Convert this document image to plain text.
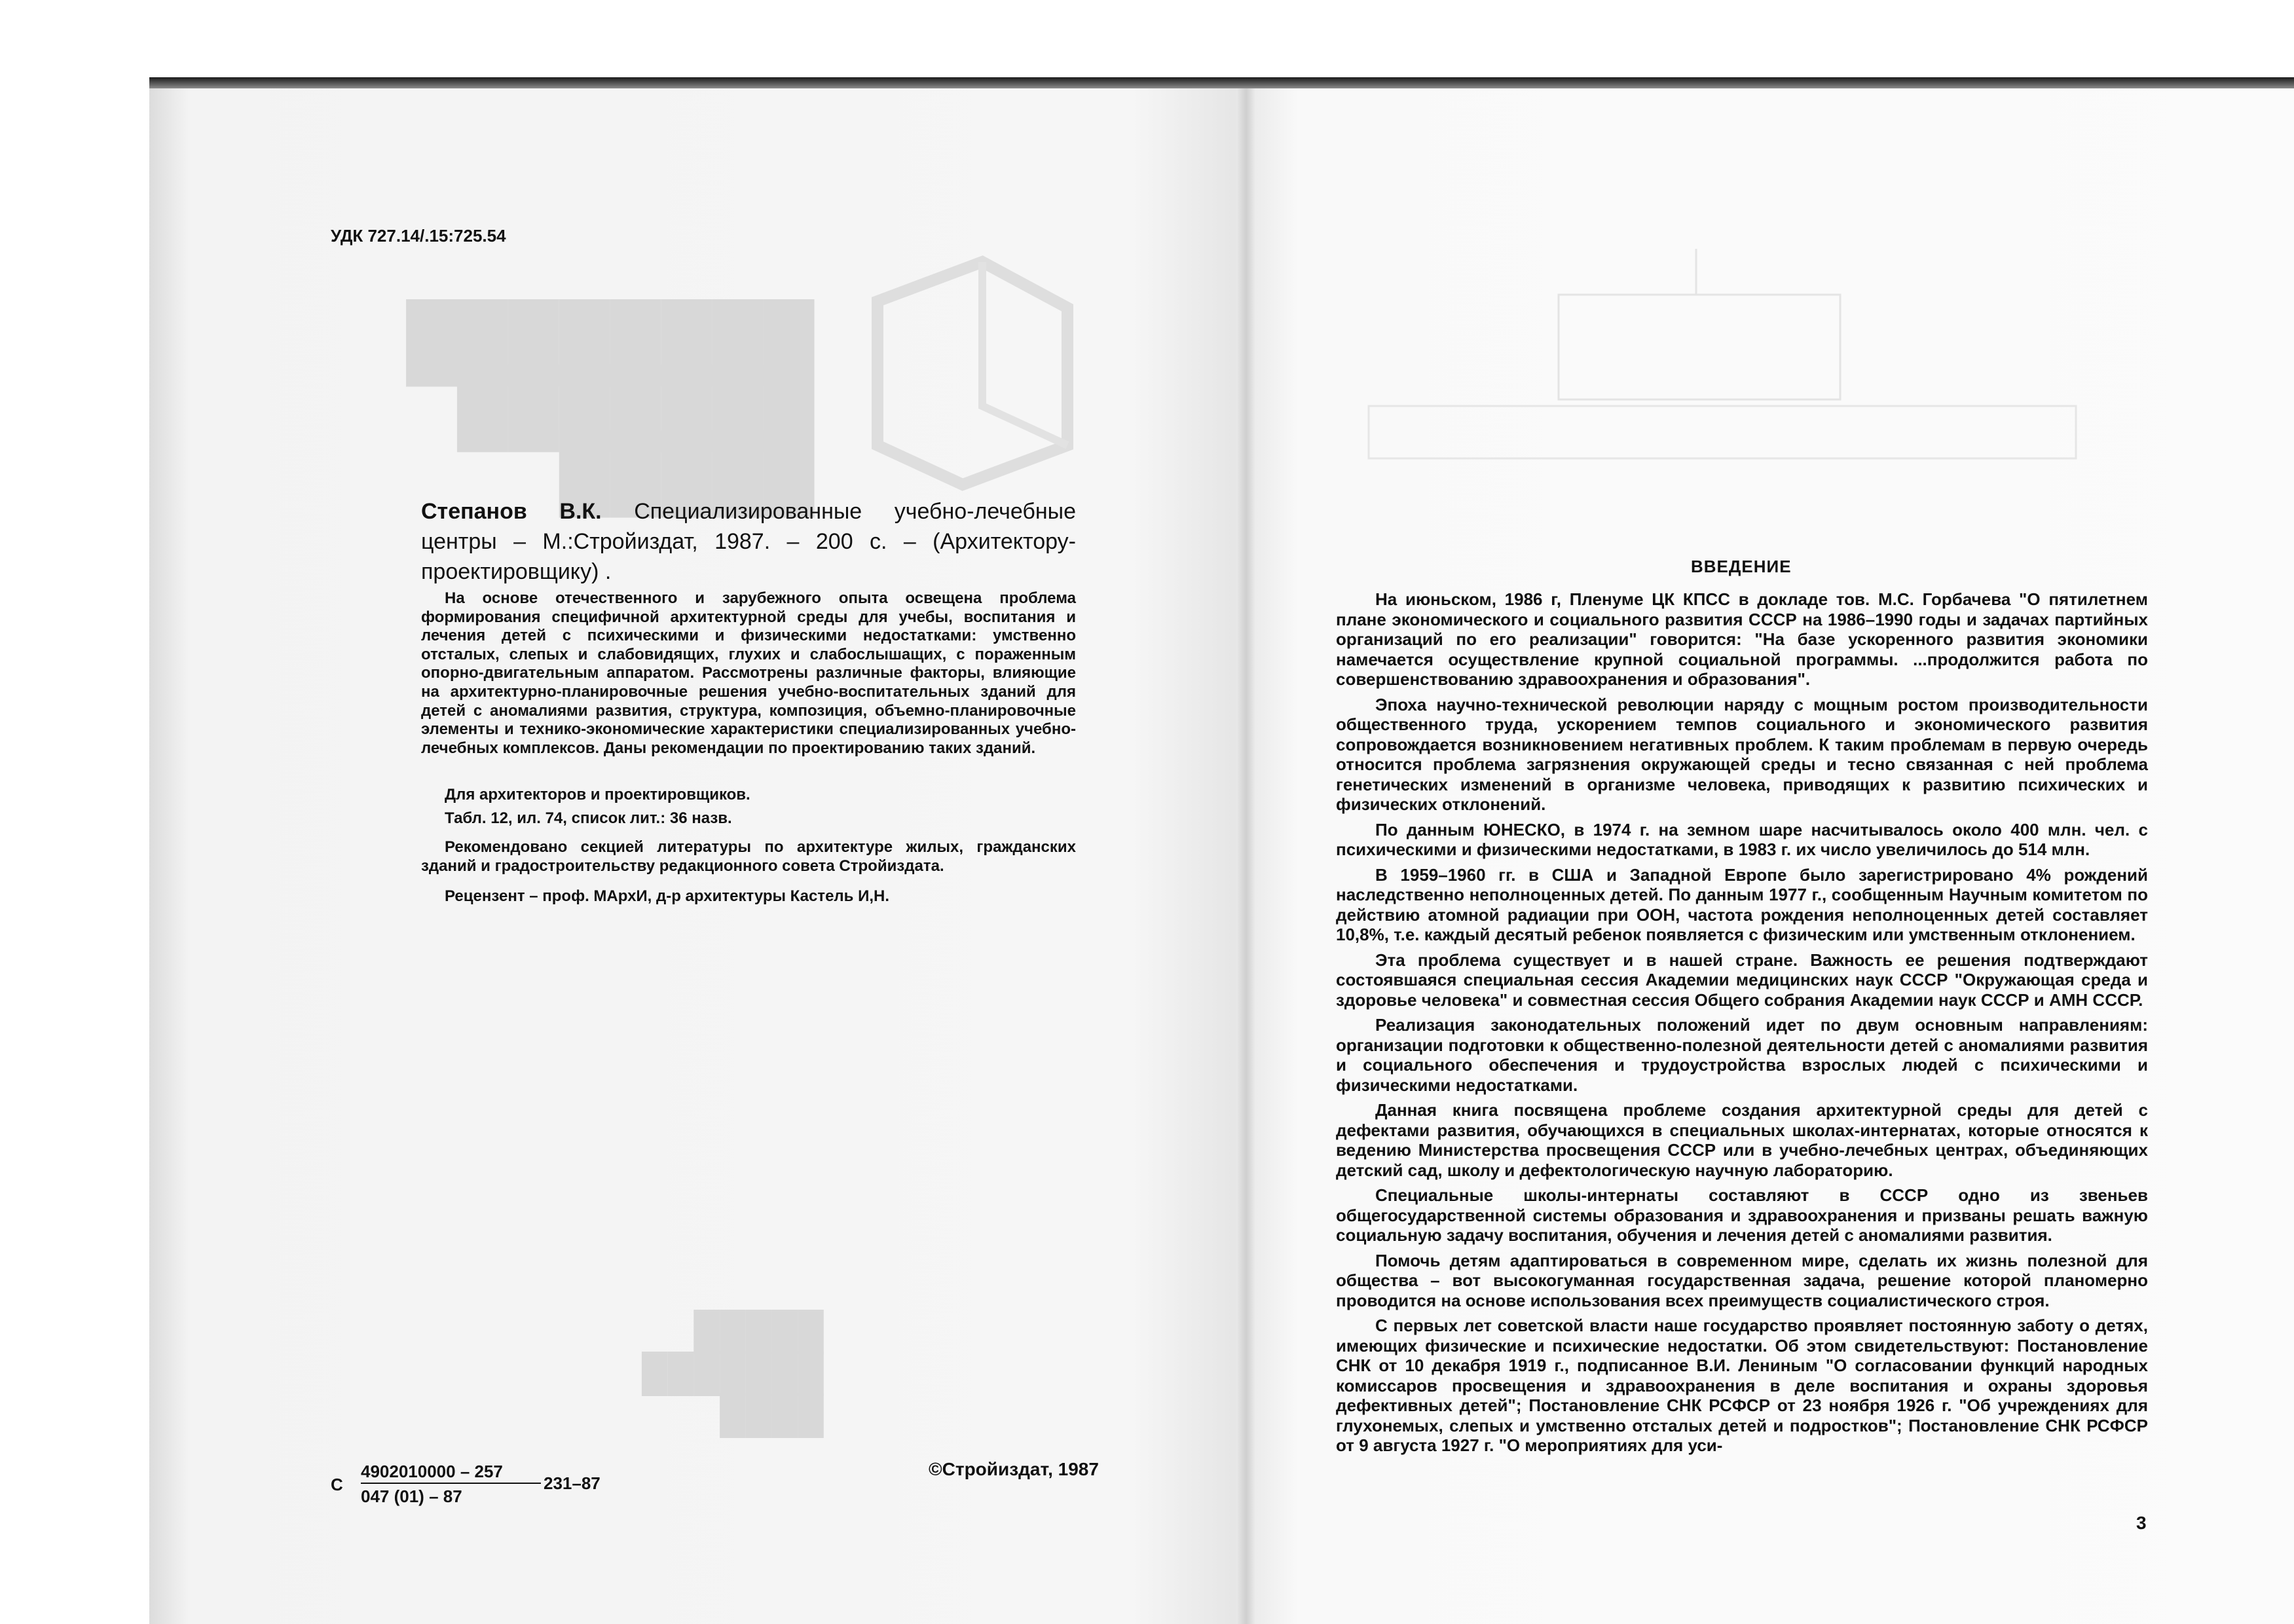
████████
███████
█████
█████
███████
████
УДК 727.14/.15:725.54
Степанов В.К. Специализированные учебно-лечебные центры – М.:Стройиздат, 1987. – 200 с. – (Архитектору-проектировщику) .

На основе отечественного и зарубежного опыта освещена проблема формирования специфичной архитектурной среды для учебы, воспитания и лечения детей с психическими и физическими недостатками: умственно отсталых, слепых и слабовидящих, глухих и слабослышащих, с пораженным опорно-двигательным аппаратом. Рассмотрены различные факторы, влияющие на архитектурно-планировочные решения учебно-воспитательных зданий для детей с аномалиями развития, структура, композиция, объемно-планировочные элементы и технико-экономические характеристики специализированных учебно-лечебных комплексов. Даны рекомендации по проектированию таких зданий.

Для архитекторов и проектировщиков.

Табл. 12, ил. 74, список лит.: 36 назв.

Рекомендовано секцией литературы по архитектуре жилых, гражданских зданий и градостроительству редакционного совета Стройиздата.

Рецензент – проф. МАрхИ, д-р архитектуры Кастель И,Н.

С
4902010000 – 257
047 (01) – 87
231–87
©Стройиздат, 1987
ВВЕДЕНИЕ

На июньском, 1986 г, Пленуме ЦК КПСС в докладе тов. М.С. Горбачева "О пятилетнем плане экономического и социального развития СССР на 1986–1990 годы и задачах партийных организаций по его реализации" говорится: "На базе ускоренного развития экономики намечается осуществление крупной социальной программы. ...продолжится работа по совершенствованию здравоохранения и образования".

Эпоха научно-технической революции наряду с мощным ростом производительности общественного труда, ускорением темпов социального и экономического развития сопровождается возникновением негативных проблем. К таким проблемам в первую очередь относится проблема загрязнения окружающей среды и тесно связанная с ней проблема генетических изменений в организме человека, приводящих к развитию психических и физических отклонений.

По данным ЮНЕСКО, в 1974 г. на земном шаре насчитывалось около 400 млн. чел. с психическими и физическими недостатками, в 1983 г. их число увеличилось до 514 млн.

В 1959–1960 гг. в США и Западной Европе было зарегистрировано 4% рождений наследственно неполноценных детей. По данным 1977 г., сообщенным Научным комитетом по действию атомной радиации при ООН, частота рождения неполноценных детей составляет 10,8%, т.е. каждый десятый ребенок появляется с физическим или умственным отклонением.

Эта проблема существует и в нашей стране. Важность ее решения подтверждают состоявшаяся специальная сессия Академии медицинских наук СССР "Окружающая среда и здоровье человека" и совместная сессия Общего собрания Академии наук СССР и АМН СССР.

Реализация законодательных положений идет по двум основным направлениям: организации подготовки к общественно-полезной деятельности детей с аномалиями развития и социального обеспечения и трудоустройства взрослых людей с психическими и физическими недостатками.

Данная книга посвящена проблеме создания архитектурной среды для детей с дефектами развития, обучающихся в специальных школах-интернатах, которые относятся к ведению Министерства просвещения СССР или в учебно-лечебных центрах, объединяющих детский сад, школу и дефектологическую научную лабораторию.

Специальные школы-интернаты составляют в СССР одно из звеньев общегосударственной системы образования и здравоохранения и призваны решать важную социальную задачу воспитания, обучения и лечения детей с аномалиями развития.

Помочь детям адаптироваться в современном мире, сделать их жизнь полезной для общества – вот высокогуманная государственная задача, решение которой планомерно проводится на основе использования всех преимуществ социалистического строя.

С первых лет советской власти наше государство проявляет постоянную заботу о детях, имеющих физические и психические недостатки. Об этом свидетельствуют: Постановление СНК от 10 декабря 1919 г., подписанное В.И. Лениным "О согласовании функций народных комиссаров просвещения и здравоохранения в деле воспитания и охраны здоровья дефективных детей"; Постановление СНК РСФСР от 23 ноября 1926 г. "Об учреждениях для глухонемых, слепых и умственно отсталых детей и подростков"; Постановление СНК РСФСР от 9 августа 1927 г. "О мероприятиях для уси-

3
